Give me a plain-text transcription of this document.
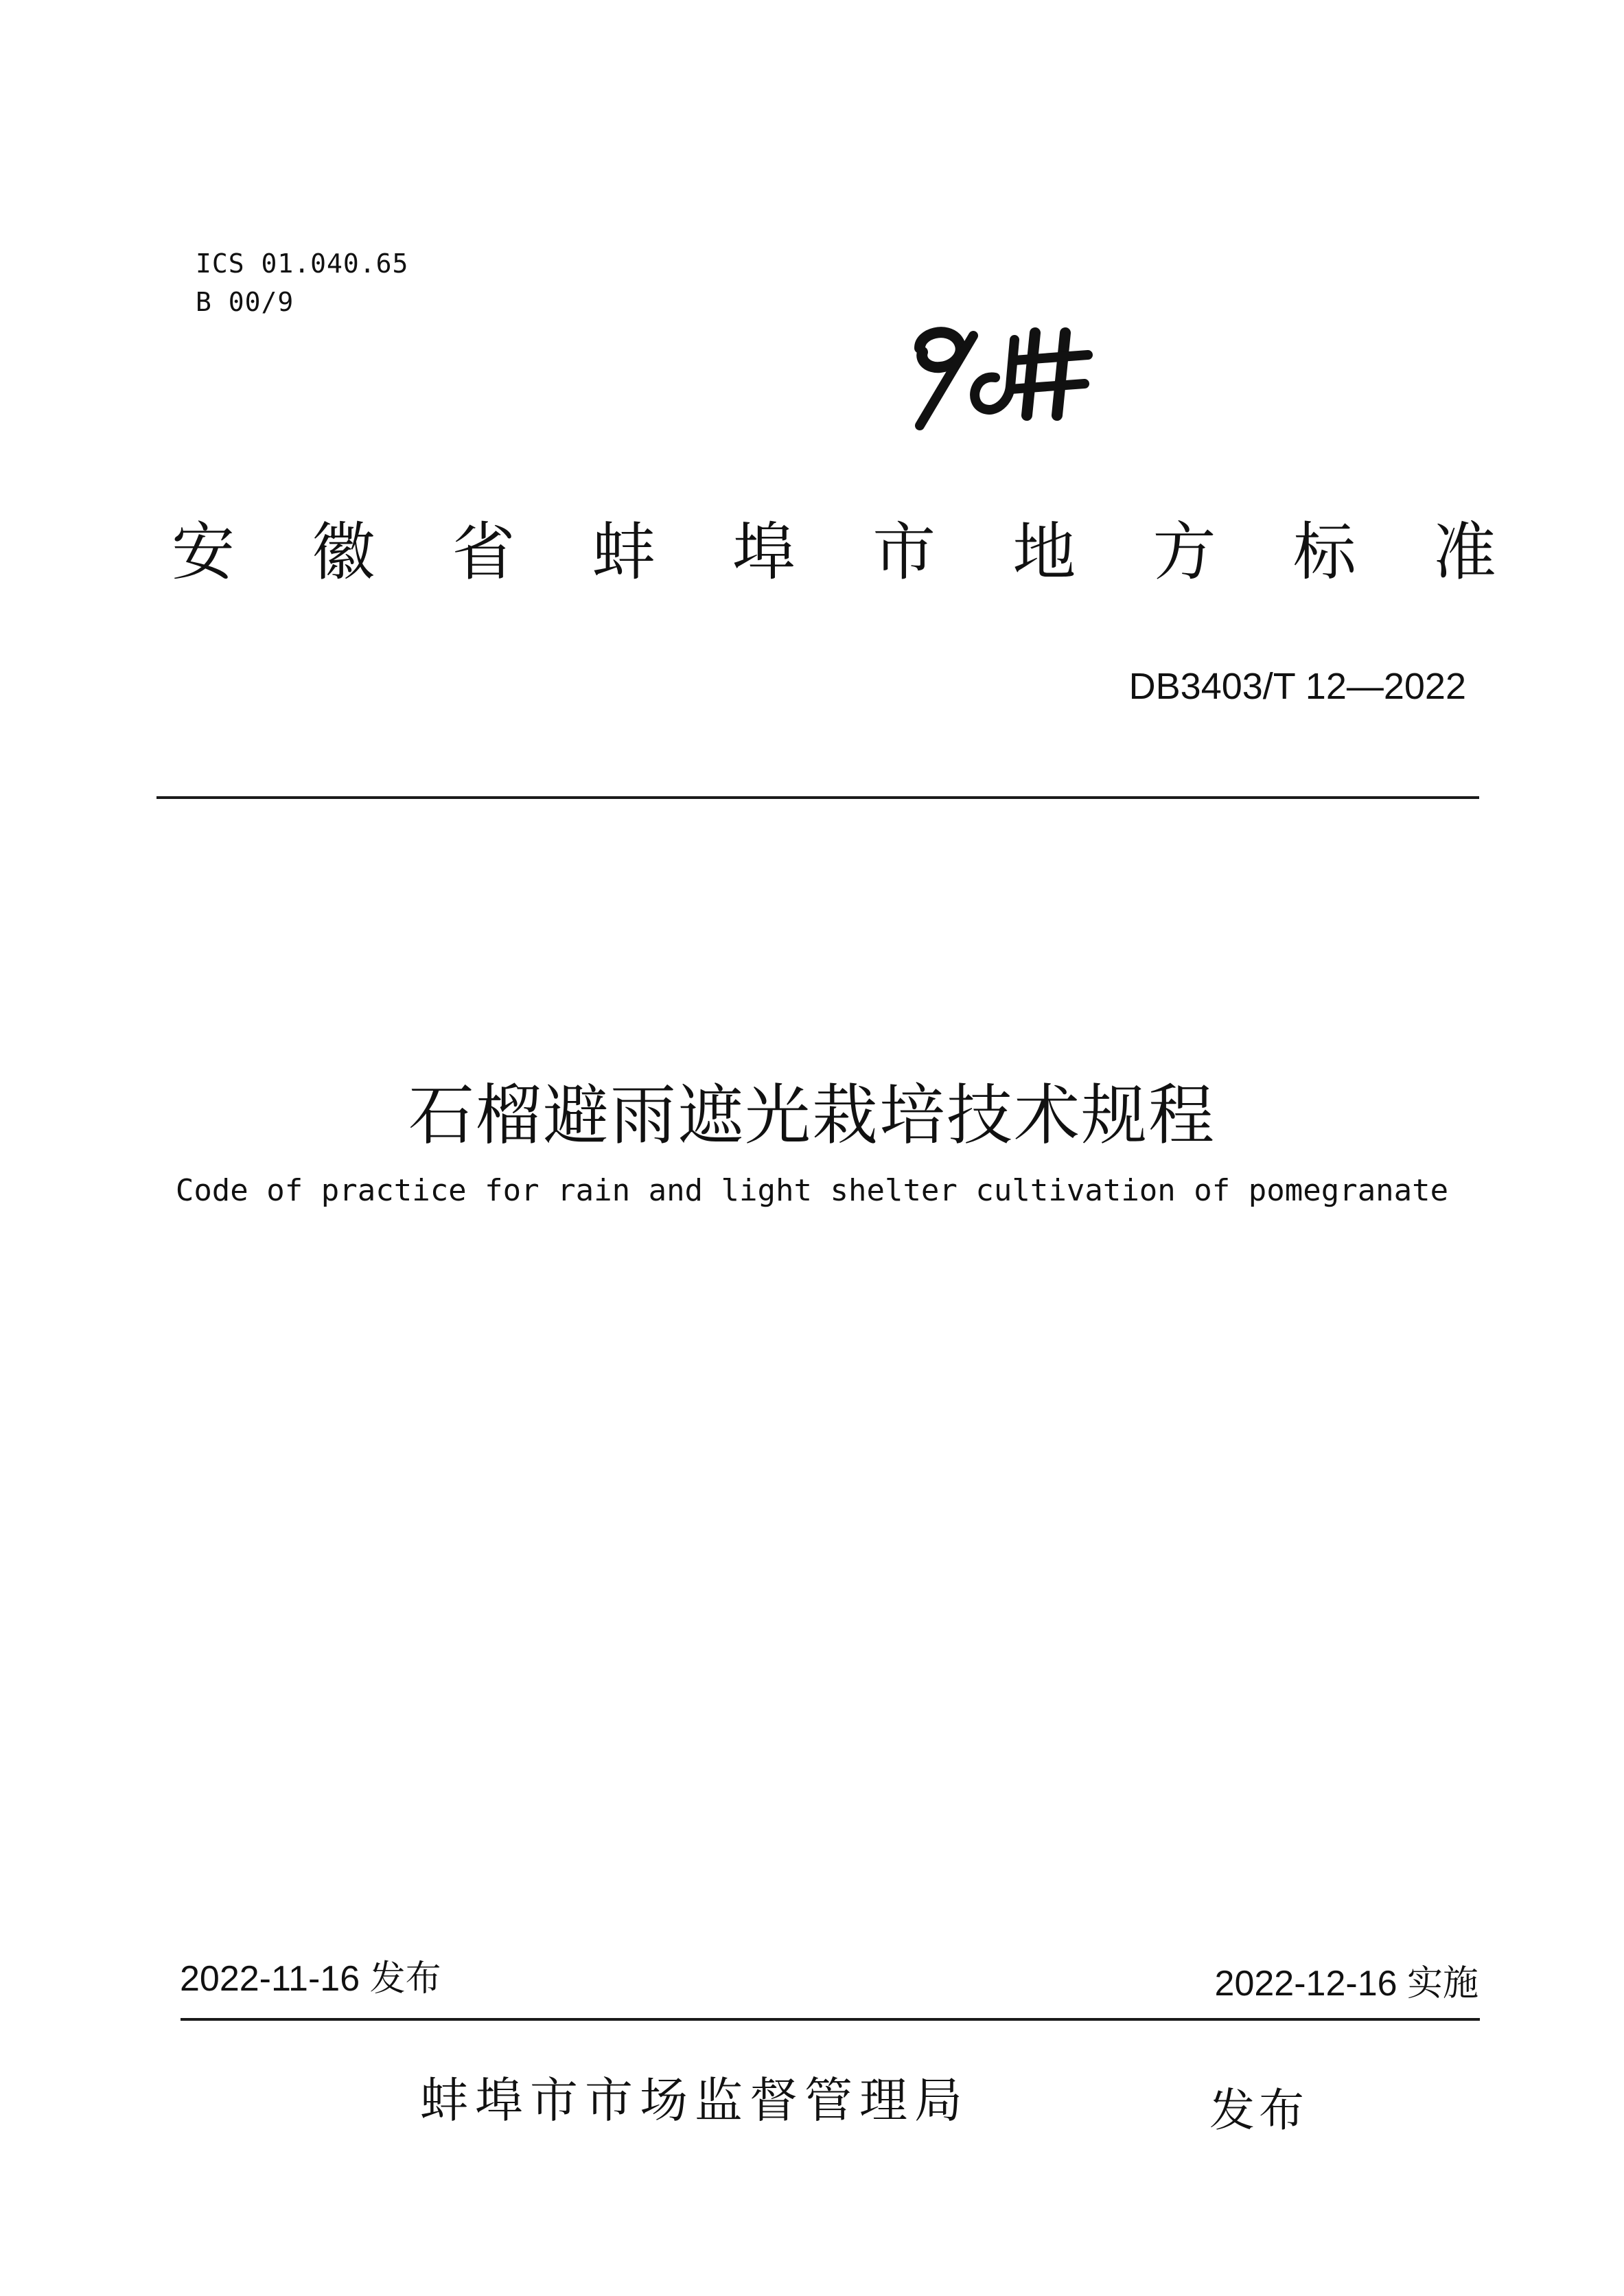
ICS 01.040.65
B 00/9
安 徽 省 蚌 埠 市 地 方 标 准
DB3403/T 12—2022
石榴避雨遮光栽培技术规程
Code of practice for rain and light shelter cultivation of pomegranate
2022-11-16 发布	2022-12-16 实施
蚌埠市市场监督管理局	发布
